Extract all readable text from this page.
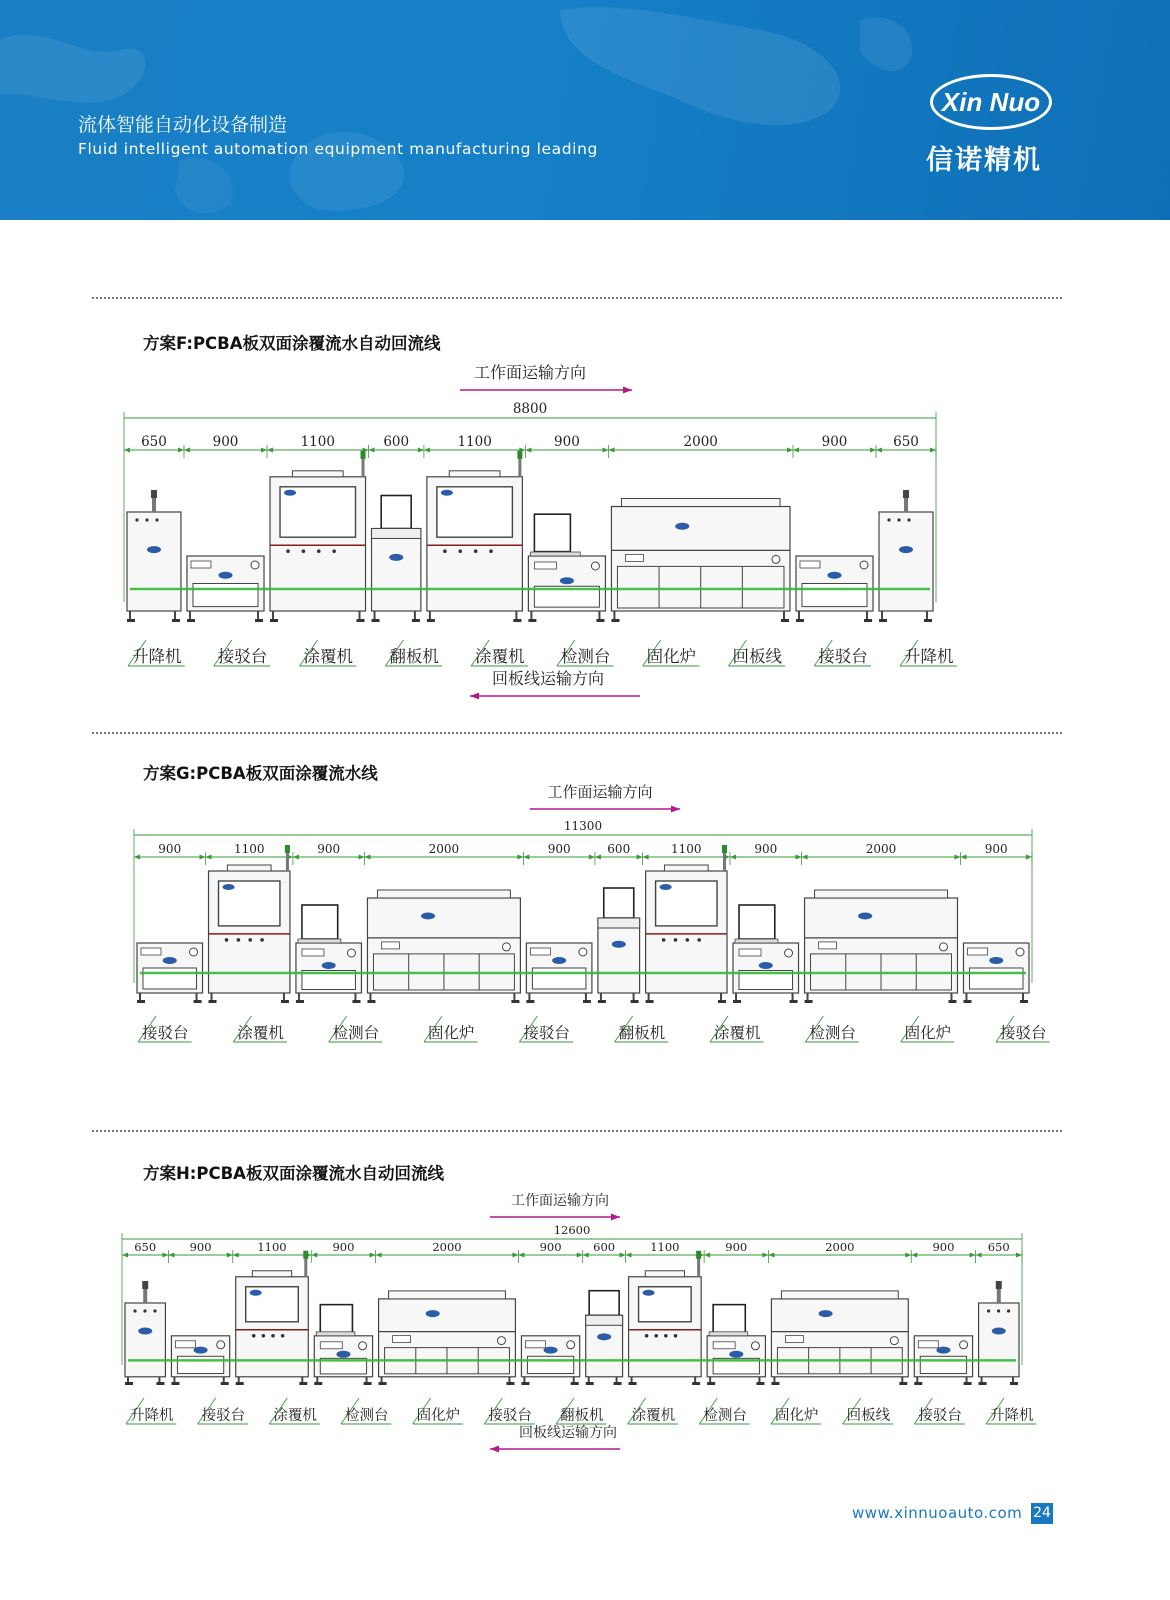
流体智能自动化设备制造
Fluid intelligent automation equipment manufacturing leading
Xin Nuo
信诺精机
方案F:PCBA板双面涂覆流水自动回流线
工作面运输方向
8800
650	900	1100	600	1100	900	2000	900	650
升降机 接驳台 涂覆机 翻板机 涂覆机 检测台 固化炉 回板线 接驳台 升降机
回板线运输方向
方案G:PCBA板双面涂覆流水线
工作面运输方向
11300
900	1100	900	2000	900	600	1100	900	2000	900
接驳台	涂覆机	检测台	固化炉	接驳台	翻板机	涂覆机	检测台	固化炉	接驳台
方案H:PCBA板双面涂覆流水自动回流线
工作面运输方向
12600
650	900	1100	900	2000	900	600	1100	900	2000	900	650
升降机 接驳台 涂覆机 检测台 固化炉 接驳台 翻板机 涂覆机 检测台 固化炉 回板线 接驳台 升降机
回板线运输方向
www.xinnuoauto.com 24
